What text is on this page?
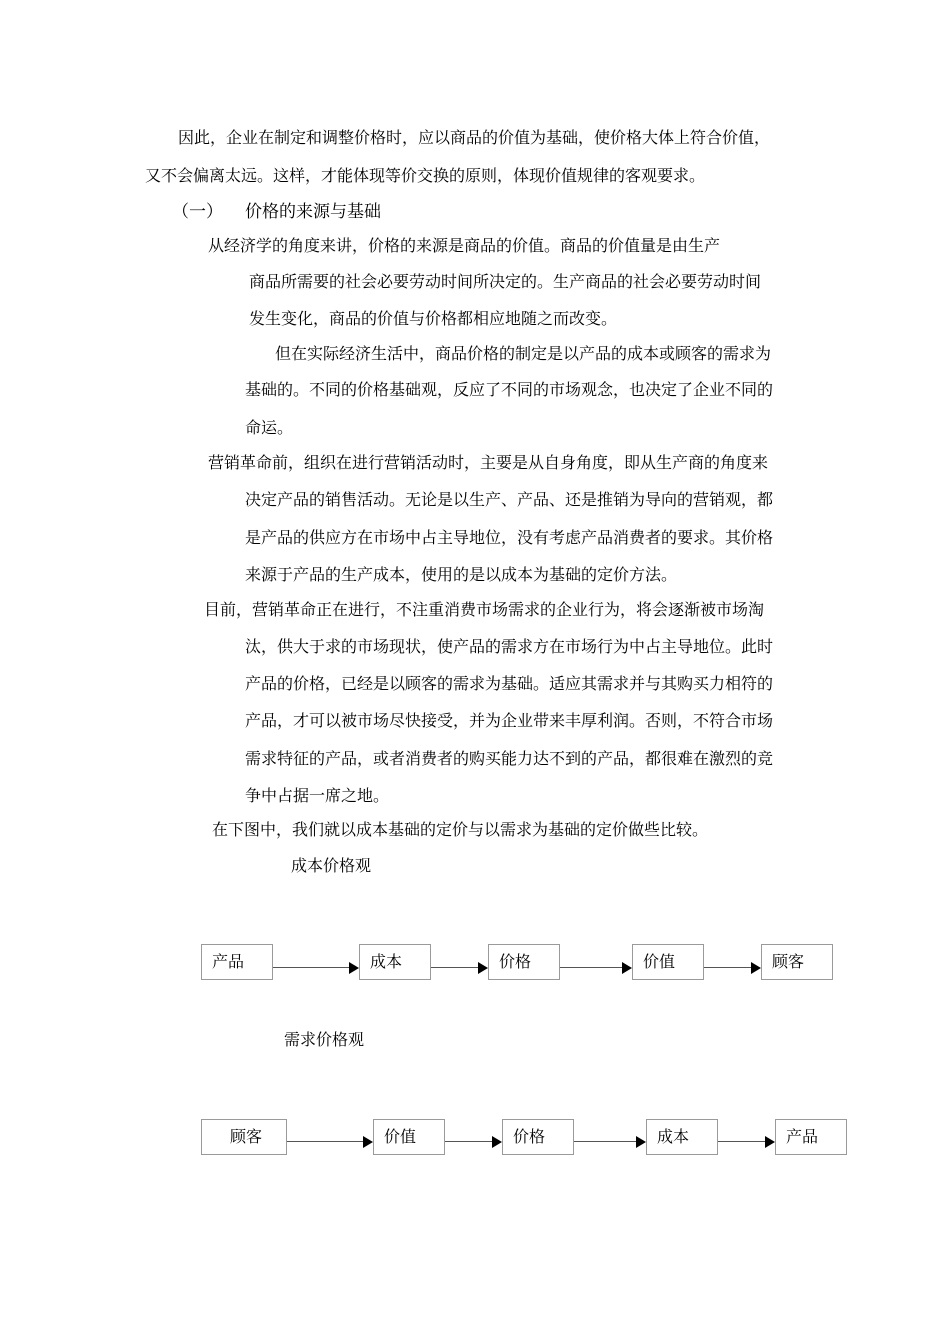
因此，企业在制定和调整价格时，应以商品的价值为基础，使价格大体上符合价值，
又不会偏离太远。这样，才能体现等价交换的原则，体现价值规律的客观要求。
（一） 价格的来源与基础
从经济学的角度来讲，价格的来源是商品的价值。商品的价值量是由生产
商品所需要的社会必要劳动时间所决定的。生产商品的社会必要劳动时间
发生变化，商品的价值与价格都相应地随之而改变。
但在实际经济生活中，商品价格的制定是以产品的成本或顾客的需求为
基础的。不同的价格基础观，反应了不同的市场观念，也决定了企业不同的
命运。
营销革命前，组织在进行营销活动时，主要是从自身角度，即从生产商的角度来
决定产品的销售活动。无论是以生产、产品、还是推销为导向的营销观，都
是产品的供应方在市场中占主导地位，没有考虑产品消费者的要求。其价格
来源于产品的生产成本，使用的是以成本为基础的定价方法。
目前，营销革命正在进行，不注重消费市场需求的企业行为，将会逐渐被市场淘
汰，供大于求的市场现状，使产品的需求方在市场行为中占主导地位。此时
产品的价格，已经是以顾客的需求为基础。适应其需求并与其购买力相符的
产品，才可以被市场尽快接受，并为企业带来丰厚利润。否则，不符合市场
需求特征的产品，或者消费者的购买能力达不到的产品，都很难在激烈的竞
争中占据一席之地。
在下图中，我们就以成本基础的定价与以需求为基础的定价做些比较。
成本价格观
产品	成本	价格	价值	顾客
需求价格观
顾客	价值	价格	成本	产品
